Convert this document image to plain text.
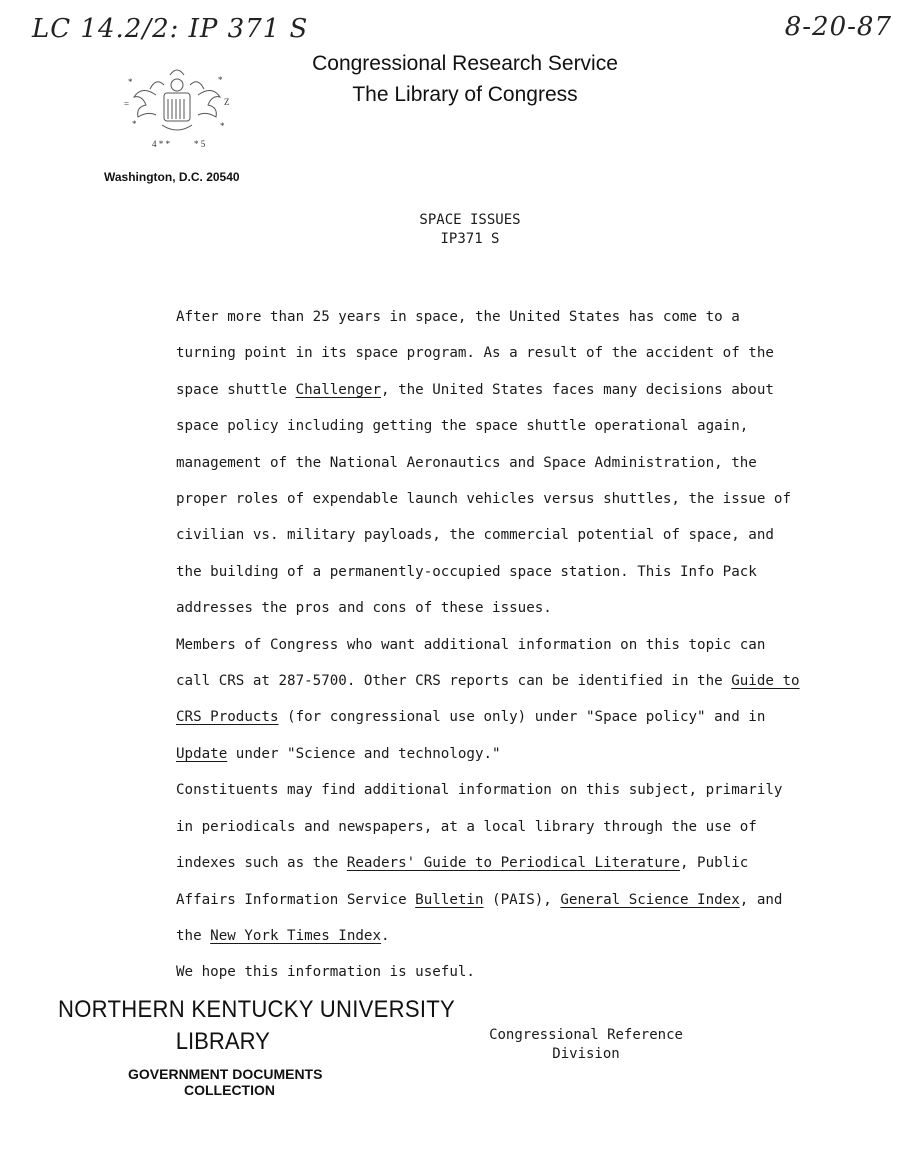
LC 14.2/2: IP 371 S	8-20-87
*
=
*
*
Z
*
4 * *	* 5
Congressional Research Service
The Library of Congress
Washington, D.C. 20540
SPACE ISSUES
IP371 S

After more than 25 years in space, the United States has come to a turning point in its space program. As a result of the accident of the space shuttle Challenger, the United States faces many decisions about space policy including getting the space shuttle operational again, management of the National Aeronautics and Space Administration, the proper roles of expendable launch vehicles versus shuttles, the issue of civilian vs. military payloads, the commercial potential of space, and the building of a permanently-occupied space station. This Info Pack addresses the pros and cons of these issues.

Members of Congress who want additional information on this topic can call CRS at 287-5700. Other CRS reports can be identified in the Guide to CRS Products (for congressional use only) under "Space policy" and in Update under "Science and technology."

Constituents may find additional information on this subject, primarily in periodicals and newspapers, at a local library through the use of indexes such as the Readers' Guide to Periodical Literature, Public Affairs Information Service Bulletin (PAIS), General Science Index, and the New York Times Index.

We hope this information is useful.

NORTHERN KENTUCKY UNIVERSITY
LIBRARY
GOVERNMENT DOCUMENTS
COLLECTION
Congressional Reference
Division
